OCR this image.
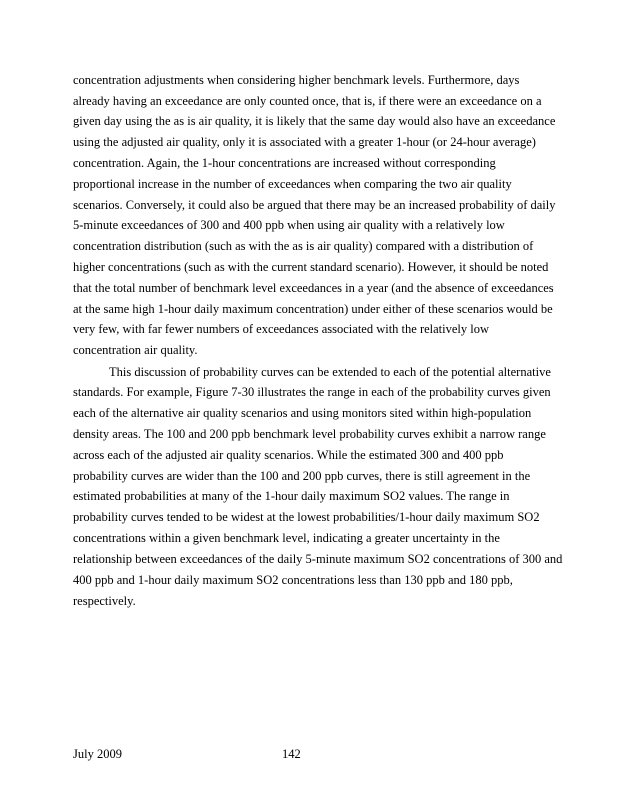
concentration adjustments when considering higher benchmark levels. Furthermore, days
already having an exceedance are only counted once, that is, if there were an exceedance on a
given day using the as is air quality, it is likely that the same day would also have an exceedance
using the adjusted air quality, only it is associated with a greater 1-hour (or 24-hour average)
concentration. Again, the 1-hour concentrations are increased without corresponding
proportional increase in the number of exceedances when comparing the two air quality
scenarios. Conversely, it could also be argued that there may be an increased probability of daily
5-minute exceedances of 300 and 400 ppb when using air quality with a relatively low
concentration distribution (such as with the as is air quality) compared with a distribution of
higher concentrations (such as with the current standard scenario). However, it should be noted
that the total number of benchmark level exceedances in a year (and the absence of exceedances
at the same high 1-hour daily maximum concentration) under either of these scenarios would be
very few, with far fewer numbers of exceedances associated with the relatively low
concentration air quality.
This discussion of probability curves can be extended to each of the potential alternative
standards. For example, Figure 7-30 illustrates the range in each of the probability curves given
each of the alternative air quality scenarios and using monitors sited within high-population
density areas. The 100 and 200 ppb benchmark level probability curves exhibit a narrow range
across each of the adjusted air quality scenarios. While the estimated 300 and 400 ppb
probability curves are wider than the 100 and 200 ppb curves, there is still agreement in the
estimated probabilities at many of the 1-hour daily maximum SO2 values. The range in
probability curves tended to be widest at the lowest probabilities/1-hour daily maximum SO2
concentrations within a given benchmark level, indicating a greater uncertainty in the
relationship between exceedances of the daily 5-minute maximum SO2 concentrations of 300 and
400 ppb and 1-hour daily maximum SO2 concentrations less than 130 ppb and 180 ppb,
respectively.
July 2009	142
